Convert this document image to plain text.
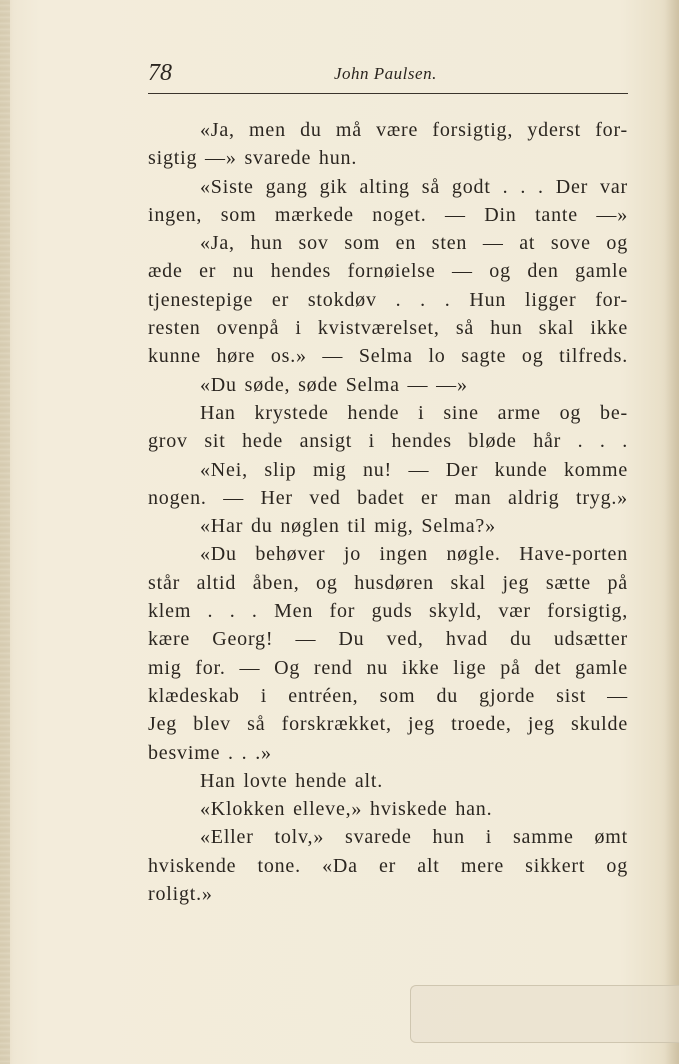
78	John Paulsen.
«Ja, men du må være forsigtig, yderst for-
sigtig —» svarede hun.
«Siste gang gik alting så godt . . . Der var
ingen, som mærkede noget. — Din tante —»
«Ja, hun sov som en sten — at sove og
æde er nu hendes fornøielse — og den gamle
tjenestepige er stokdøv . . . Hun ligger for-
resten ovenpå i kvistværelset, så hun skal ikke
kunne høre os.» — Selma lo sagte og tilfreds.
«Du søde, søde Selma — —»
Han krystede hende i sine arme og be-
grov sit hede ansigt i hendes bløde hår . . .
«Nei, slip mig nu! — Der kunde komme
nogen. — Her ved badet er man aldrig tryg.»
«Har du nøglen til mig, Selma?»
«Du behøver jo ingen nøgle. Have-porten
står altid åben, og husdøren skal jeg sætte på
klem . . . Men for guds skyld, vær forsigtig,
kære Georg! — Du ved, hvad du udsætter
mig for. — Og rend nu ikke lige på det gamle
klædeskab i entréen, som du gjorde sist —
Jeg blev så forskrækket, jeg troede, jeg skulde
besvime . . .»
Han lovte hende alt.
«Klokken elleve,» hviskede han.
«Eller tolv,» svarede hun i samme ømt
hviskende tone. «Da er alt mere sikkert og
roligt.»
